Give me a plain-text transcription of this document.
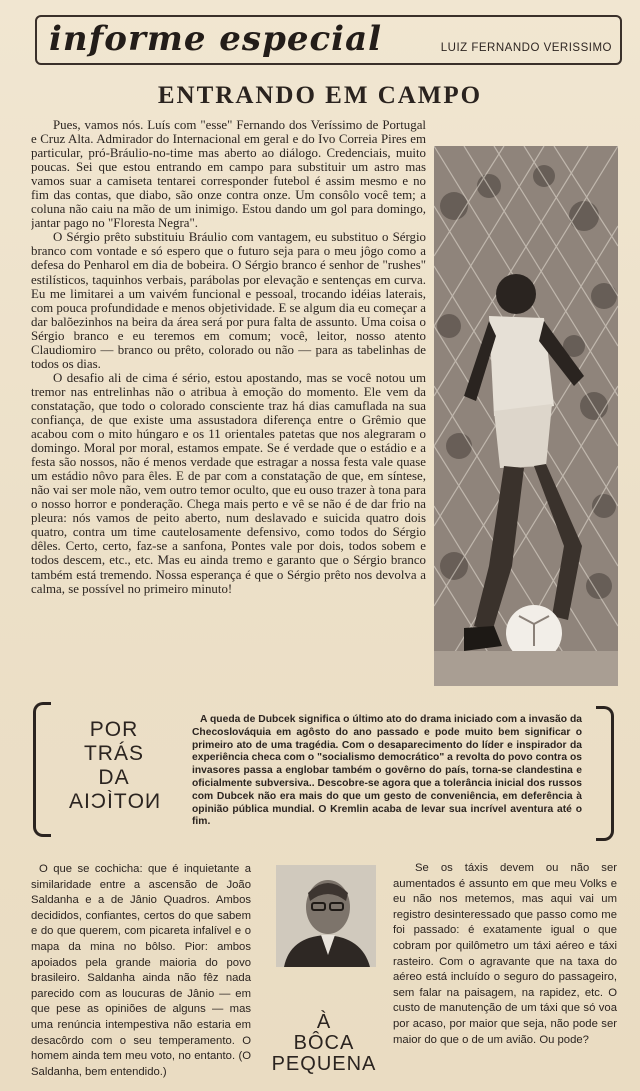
informe especial	LUIZ FERNANDO VERISSIMO
ENTRANDO EM CAMPO

Pues, vamos nós. Luís com "esse" Fernando dos Veríssimo de Portugal e Cruz Alta. Admirador do Internacional em geral e do Ivo Correia Pires em particular, pró-Bráulio-no-time mas aberto ao diálogo. Credenciais, muito poucas. Sei que estou entrando em campo para substituir um astro mas vamos suar a camiseta tentarei corresponder futebol é assim mesmo e no fim das contas, que diabo, são onze contra onze. Um consôlo você tem; a coluna não caiu na mão de um inimigo. Estou dando um gol para domingo, jantar pago no "Floresta Negra".

O Sérgio prêto substituiu Bráulio com vantagem, eu substituo o Sérgio branco com vontade e só espero que o futuro seja para o meu jôgo como a defesa do Penharol em dia de bobeira. O Sérgio branco é senhor de "rushes" estilísticos, taquinhos verbais, parábolas por elevação e sentenças em curva. Eu me limitarei a um vaivém funcional e pessoal, trocando idéias laterais, com pouca profundidade e menos objetividade. E se algum dia eu começar a dar balõezinhos na beira da área será por pura falta de assunto. Uma coisa o Sérgio branco e eu teremos em comum; você, leitor, nosso atento Claudiomiro — branco ou prêto, colorado ou não — para as tabelinhas de todos os dias.

O desafio ali de cima é sério, estou apostando, mas se você notou um tremor nas entrelinhas não o atribua à emoção do momento. Ele vem da constatação, que todo o colorado consciente traz há dias camuflada na sua confiança, de que existe uma assustadora diferença entre o Grêmio que acabou com o mito húngaro e os 11 orientales patetas que nos alegraram o domingo. Moral por moral, estamos empate. Se é verdade que o estádio e a festa são nossos, não é menos verdade que estragar a nossa festa vale quase um estádio nôvo para êles. E de par com a constatação de que, em síntese, não vai ser mole não, vem outro temor oculto, que eu ouso trazer à tona para o nosso horror e ponderação. Chega mais perto e vê se não é de dar frio na pleura: nós vamos de peito aberto, num deslavado e suicida quatro dois quatro, contra um time cautelosamente defensivo, como todos do Sérgio dêles. Certo, certo, faz-se a sanfona, Pontes vale por dois, todos sobem e todos descem, etc., etc. Mas eu ainda tremo e garanto que o Sérgio branco também está tremendo. Nossa esperança é que o Sérgio prêto nos devolva a calma, se possível no primeiro minuto!

POR
TRÁS
DA
NOTÍCIA

A queda de Dubcek significa o último ato do drama iniciado com a invasão da Checoslováquia em agôsto do ano passado e pode muito bem significar o primeiro ato de uma tragédia. Com o desaparecimento do líder e inspirador da experiência checa com o "socialismo democrático" a revolta do povo contra os invasores passa a englobar também o govêrno do país, torna-se clandestina e oficialmente subversiva.. Descobre-se agora que a tolerância inicial dos russos com Dubcek não era mais do que um gesto de conveniência, em deferência à opinião pública mundial. O Kremlin acaba de levar sua incrível aventura até o fim.

O que se cochicha: que é inquietante a similaridade entre a ascensão de João Saldanha e a de Jânio Quadros. Ambos decididos, confiantes, certos do que sabem e do que querem, com picareta infalível e o mapa da mina no bôlso. Pior: ambos apoiados pela grande maioria do povo brasileiro. Saldanha ainda não fêz nada parecido com as loucuras de Jânio — em que pese as opiniões de alguns — mas uma renúncia intempestiva não estaria em desacôrdo com o seu temperamento. O homem ainda tem meu voto, no entanto. (O Saldanha, bem entendido.)

À
BÔCA
PEQUENA

Se os táxis devem ou não ser aumentados é assunto em que meu Volks e eu não nos metemos, mas aqui vai um registro desinteressado que passo como me foi passado: é exatamente igual o que cobram por quilômetro um táxi aéreo e táxi rasteiro. Com o agravante que na taxa do aéreo está incluído o seguro do passageiro, sem falar na paisagem, na rapidez, etc. O custo de manutenção de um táxi que só voa por acaso, por maior que seja, não pode ser maior do que o de um avião. Ou pode?
